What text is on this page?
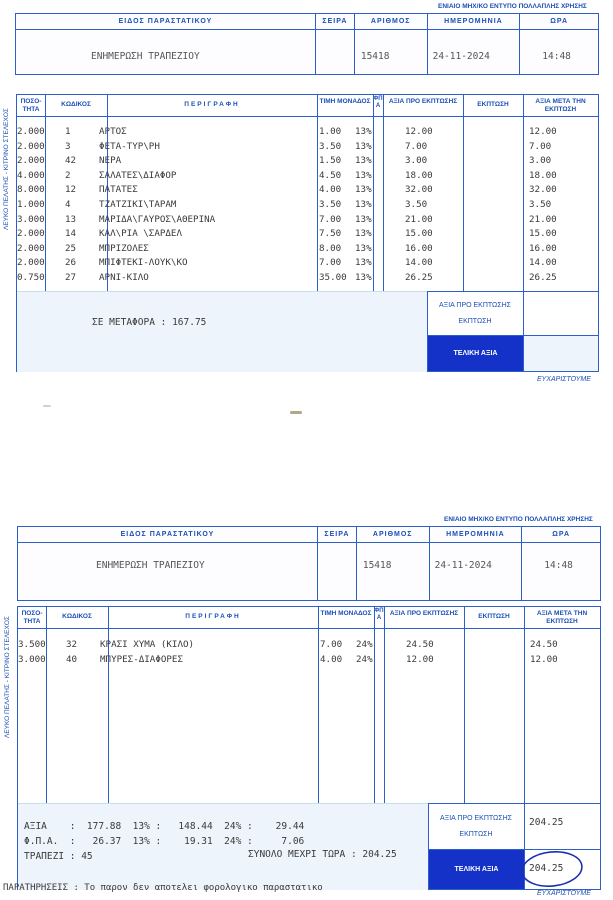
ΕΝΙΑΙΟ ΜΗΧ/ΚΟ ΕΝΤΥΠΟ ΠΟΛΛΑΠΛΗΣ ΧΡΗΣΗΣ
ΕΙΔΟΣ ΠΑΡΑΣΤΑΤΙΚΟΥ	ΣΕΙΡΑ	ΑΡΙΘΜΟΣ	ΗΜΕΡΟΜΗΝΙΑ	ΩΡΑ
ΕΝΗΜΕΡΩΣΗ ΤΡΑΠΕΖΙΟΥ	15418	24-11-2024	14:48
ΛΕΥΚΟ ΠΕΛΑΤΗΣ - ΚΙΤΡΙΝΟ ΣΤΕΛΕΧΟΣ
ΠΟΣΟ-ΤΗΤΑ
ΚΩΔΙΚΟΣ	ΠΕΡΙΓΡΑΦΗ	ΤΙΜΗ ΜΟΝΑΔΟΣ ΦΠΑ
ΑΞΙΑ ΠΡΟ ΕΚΠΤΩΣΗΣ	ΕΚΠΤΩΣΗ	ΑΞΙΑ ΜΕΤΑ ΤΗΝ ΕΚΠΤΩΣΗ
ΑΞΙΑ ΠΡΟ ΕΚΠΤΩΣΗΣ
ΕΚΠΤΩΣΗ
ΤΕΛΙΚΗ ΑΞΙΑ
2.000 1	ΑΡΤΟΣ	1.00 13%	12.00	12.00
2.000 3	ΦΕΤΑ-ΤΥΡ\ΡΗ	3.50 13%	7.00	7.00
2.000 42 ΝΕΡΑ	1.50 13%	3.00	3.00
4.000 2	ΣΑΛΑΤΕΣ\ΔΙΑΦΟΡ	4.50 13%	18.00	18.00
8.000 12 ΠΑΤΑΤΕΣ	4.00 13%	32.00	32.00
1.000 4	ΤΖΑΤΖΙΚΙ\ΤΑΡΑΜ	3.50 13%	3.50	3.50
3.000 13 ΜΑΡΙΔΑ\ΓΑΥΡΟΣ\ΑΘΕΡΙΝΑ	7.00 13%	21.00	21.00
2.000 14 ΚΑΛ\ΡΙΑ \ΣΑΡΔΕΛ	7.50 13%	15.00	15.00
2.000 25 ΜΠΡΙΖΟΛΕΣ	8.00 13%	16.00	16.00
2.000 26 ΜΠΙΦΤΕΚΙ-ΛΟΥΚ\ΚΟ	7.00 13%	14.00	14.00
0.750 27 ΑΡΝΙ-ΚΙΛΟ	35.00 13%	26.25	26.25
ΣΕ ΜΕΤΑΦΟΡΑ : 167.75
ΕΥΧΑΡΙΣΤΟΥΜΕ
ΕΝΙΑΙΟ ΜΗΧ/ΚΟ ΕΝΤΥΠΟ ΠΟΛΛΑΠΛΗΣ ΧΡΗΣΗΣ
ΕΙΔΟΣ ΠΑΡΑΣΤΑΤΙΚΟΥ	ΣΕΙΡΑ	ΑΡΙΘΜΟΣ	ΗΜΕΡΟΜΗΝΙΑ	ΩΡΑ
ΕΝΗΜΕΡΩΣΗ ΤΡΑΠΕΖΙΟΥ	15418	24-11-2024	14:48
ΛΕΥΚΟ ΠΕΛΑΤΗΣ - ΚΙΤΡΙΝΟ ΣΤΕΛΕΧΟΣ
ΠΟΣΟ-ΤΗΤΑ
ΚΩΔΙΚΟΣ	ΠΕΡΙΓΡΑΦΗ	ΤΙΜΗ ΜΟΝΑΔΟΣ ΦΠΑ
ΑΞΙΑ ΠΡΟ ΕΚΠΤΩΣΗΣ	ΕΚΠΤΩΣΗ	ΑΞΙΑ ΜΕΤΑ ΤΗΝ ΕΚΠΤΩΣΗ
ΑΞΙΑ ΠΡΟ ΕΚΠΤΩΣΗΣ
ΕΚΠΤΩΣΗ
204.25
ΤΕΛΙΚΗ ΑΞΙΑ	204.25
3.500 32 ΚΡΑΣΙ ΧΥΜΑ (ΚΙΛΟ)	7.00 24%	24.50	24.50
3.000 40 ΜΠΥΡΕΣ-ΔΙΑΦΟΡΕΣ	4.00 24%	12.00	12.00
ΑΞΙΑ    :  177.88  13% :   148.44  24% :    29.44
Φ.Π.Α.  :   26.37  13% :    19.31  24% :     7.06
ΤΡΑΠΕΖΙ : 45	ΣΥΝΟΛΟ ΜΕΧΡΙ ΤΩΡΑ : 204.25
ΕΥΧΑΡΙΣΤΟΥΜΕ
ΠΑΡΑΤΗΡΗΣΕΙΣ : Το παρον δεν αποτελει φορολογικο παραστατικο
